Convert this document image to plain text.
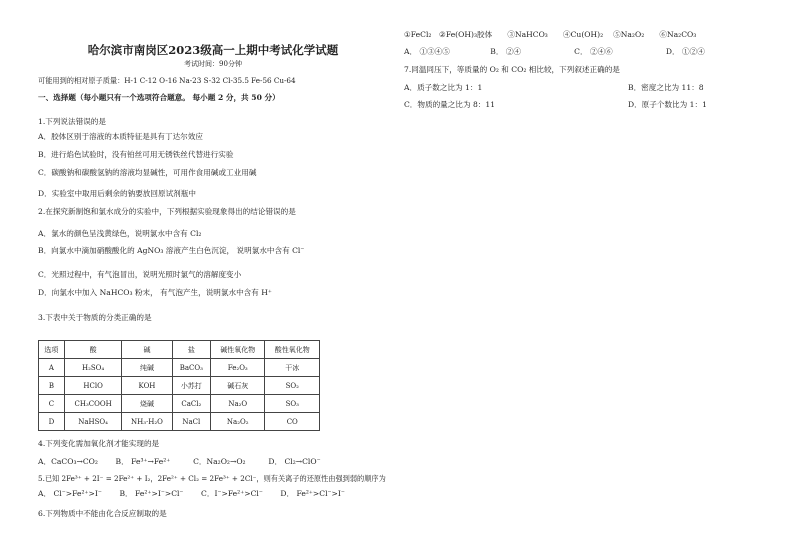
哈尔滨市南岗区2023级高一上期中考试化学试题
考试时间：90分钟
可能用到的相对原子质量：H-1 C-12 O-16 Na-23 S-32 Cl-35.5 Fe-56 Cu-64
一、选择题（每小题只有一个选项符合题意。 每小题 2 分，共 50 分）
1.下列说法错误的是
A．胶体区别于溶液的本质特征是具有丁达尔效应
B．进行焰色试验时，没有铂丝可用无锈铁丝代替进行实验
C．碳酸钠和碳酸氢钠的溶液均显碱性，可用作食用碱或工业用碱
D．实验室中取用后剩余的钠要放回原试剂瓶中
2.在探究新制饱和氯水成分的实验中，下列根据实验现象得出的结论错误的是
A．氯水的颜色呈浅黄绿色，说明氯水中含有 Cl₂
B．向氯水中滴加硝酸酸化的 AgNO₃ 溶液产生白色沉淀， 说明氯水中含有 Cl⁻
C．光照过程中，有气泡冒出，说明光照时氯气的溶解度变小
D．向氯水中加入 NaHCO₃ 粉末， 有气泡产生，说明氯水中含有 H⁺
3.下表中关于物质的分类正确的是
选项	酸	碱	盐	碱性氧化物	酸性氧化物
A	H₂SO₄	纯碱	BaCO₃	Fe₂O₃	干冰
B	HClO	KOH	小苏打	碱石灰	SO₂
C	CH₃COOH	烧碱	CaCl₂	Na₂O	SO₃
D	NaHSO₄	NH₃·H₂O	NaCl	Na₂O₂	CO
4.下列变化需加氧化剂才能实现的是
A．CaCO₃→CO₂　　 B． Fe³⁺→Fe²⁺　　　C．Na₂O₂→O₂　　　D． Cl₂→ClO⁻
5.已知 2Fe³⁺ + 2I⁻ = 2Fe²⁺ + I₂，2Fe²⁺ + Cl₂ = 2Fe³⁺ + 2Cl⁻，则有关离子的还原性由强到弱的顺序为
A． Cl⁻>Fe²⁺>I⁻　　 B． Fe²⁺>I⁻>Cl⁻　　 C．I⁻>Fe²⁺>Cl⁻　　 D． Fe²⁺>Cl⁻>I⁻
6.下列物质中不能由化合反应制取的是
①FeCl₂　②Fe(OH)₃胶体　　③NaHCO₃　　④Cu(OH)₂　 ⑤Na₂O₂　　⑥Na₂CO₃
A． ①③④⑤　　　　　 B． ②④　　　　　　　C． ②④⑥　　　　　　　D． ①②④
7.同温同压下，等质量的 O₂ 和 CO₂ 相比较，下列叙述正确的是
A．质子数之比为 1：1	B．密度之比为 11：8
C．物质的量之比为 8：11	D．原子个数比为 1：1
